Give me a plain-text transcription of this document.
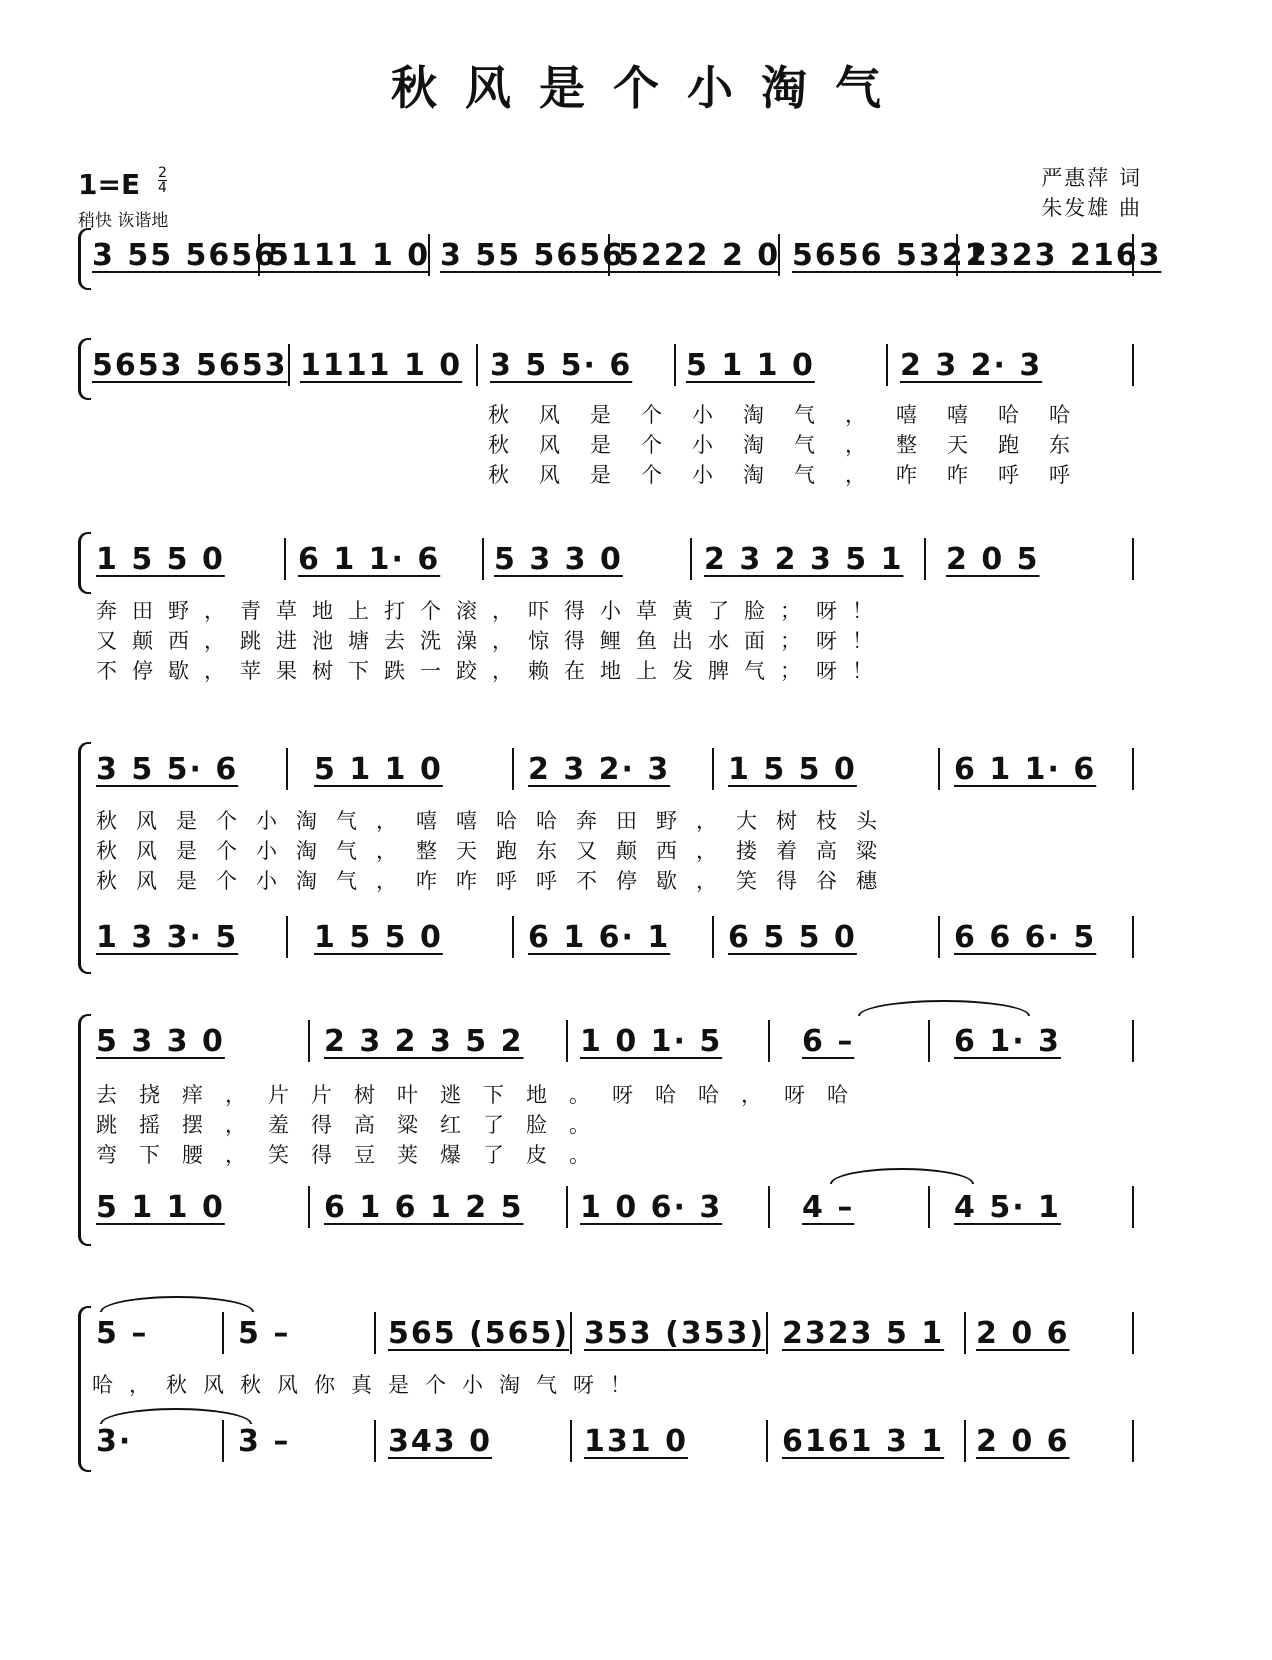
秋风是个小淘气
$1=E \frac{2}{4}$
稍快 诙谐地
严惠萍 词
朱发雄 曲
3 55 5656
5111 1 0 3 55 5656
5222 2 0 5656 5321
2323 2163
5653 5653 1111 1 0 3 5 5· 6 5 1 1 0	2 3 2· 3
秋风是个小淘气，嘻嘻哈哈
秋风是个小淘气，整天跑东
秋风是个小淘气，咋咋呼呼
1 5 5 0 6 1 1· 6 5 3 3 0	2 3 2 3 5 1 2 0 5
奔田野，青草地上打个滚，吓得小草黄了脸；呀！
又颠西，跳进池塘去洗澡，惊得鲤鱼出水面；呀！
不停歇，苹果树下跌一跤，赖在地上发脾气；呀！
3 5 5· 6	5 1 1 0	2 3 2· 3 1 5 5 0	6 1 1· 6
秋风是个小淘气，嘻嘻哈哈奔田野，大树枝头
秋风是个小淘气，整天跑东又颠西，搂着高粱
秋风是个小淘气，咋咋呼呼不停歇，笑得谷穗
1 3 3· 5	1 5 5 0	6 1 6· 1 6 5 5 0	6 6 6· 5
5 3 3 0	2 3 2 3 5 2 1 0 1· 5	6 –	6 1· 3
去挠痒，片片树叶逃下地。呀哈哈，呀哈
跳摇摆，羞得高粱红了脸。
弯下腰，笑得豆荚爆了皮。
5 1 1 0	6 1 6 1 2 5 1 0 6· 3	4 –	4 5· 1
5 –	5 –	565 (565) 353 (353) 2323 5 1 2 0 6
哈，秋风秋风你真是个小淘气呀！
3·	3 –	343 0	131 0	6161 3 1 2 0 6
